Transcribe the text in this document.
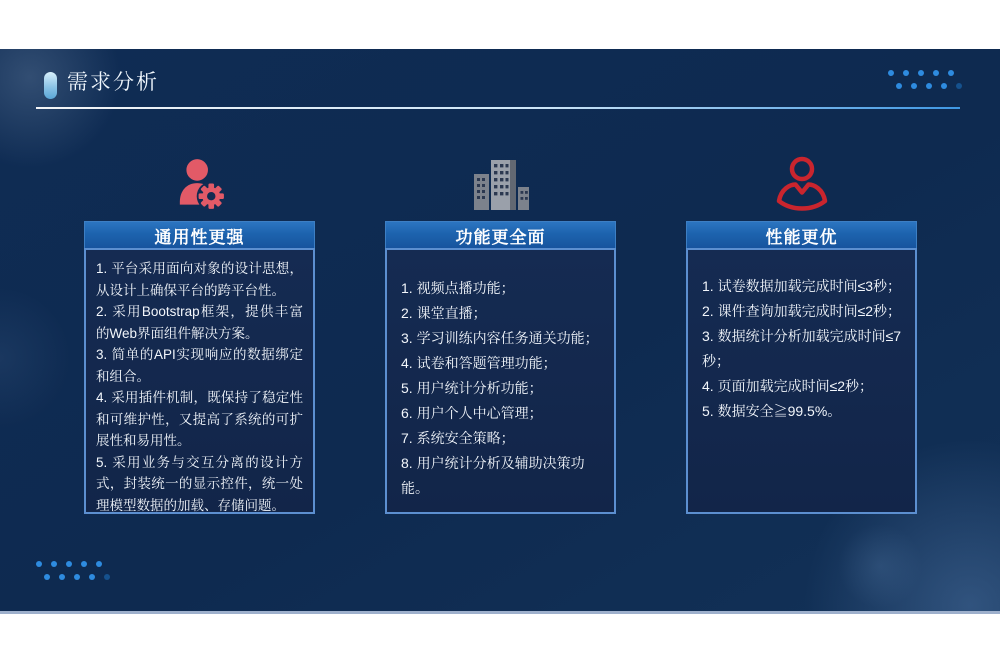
需求分析
通用性更强
1. 平台采用面向对象的设计思想，从设计上确保平台的跨平台性。
2. 采用Bootstrap框架，提供丰富的Web界面组件解决方案。
3. 简单的API实现响应的数据绑定和组合。
4. 采用插件机制，既保持了稳定性和可维护性，又提高了系统的可扩展性和易用性。
5. 采用业务与交互分离的设计方式，封装统一的显示控件，统一处理模型数据的加载、存储问题。
功能更全面
1. 视频点播功能；
2. 课堂直播；
3. 学习训练内容任务通关功能；
4. 试卷和答题管理功能；
5. 用户统计分析功能；
6. 用户个人中心管理；
7. 系统安全策略；
8. 用户统计分析及辅助决策功能。
性能更优
1. 试卷数据加载完成时间≤3秒；
2. 课件查询加载完成时间≤2秒；
3. 数据统计分析加载完成时间≤7秒；
4. 页面加载完成时间≤2秒；
5. 数据安全≧99.5%。
